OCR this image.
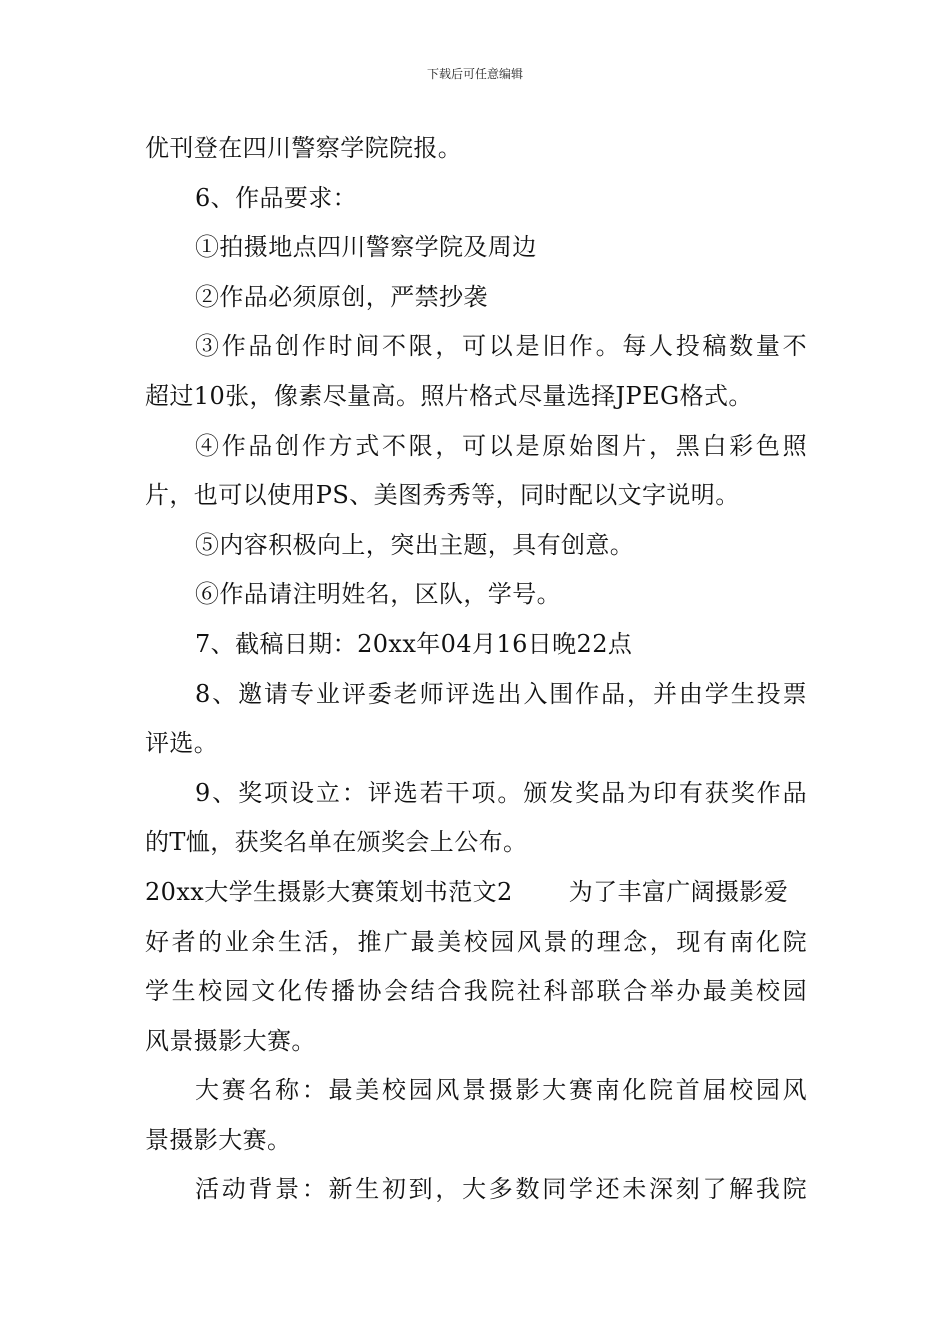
下载后可任意编辑
优刊登在四川警察学院院报。
6、作品要求：
①拍摄地点四川警察学院及周边
②作品必须原创，严禁抄袭
③作品创作时间不限，可以是旧作。每人投稿数量不
超过10张，像素尽量高。照片格式尽量选择JPEG格式。
④作品创作方式不限，可以是原始图片，黑白彩色照
片，也可以使用PS、美图秀秀等，同时配以文字说明。
⑤内容积极向上，突出主题，具有创意。
⑥作品请注明姓名，区队，学号。
7、截稿日期：20xx年04月16日晚22点
8、邀请专业评委老师评选出入围作品，并由学生投票
评选。
9、奖项设立：评选若干项。颁发奖品为印有获奖作品
的T恤，获奖名单在颁奖会上公布。
20xx大学生摄影大赛策划书范文2 为了丰富广阔摄影爱
好者的业余生活，推广最美校园风景的理念，现有南化院
学生校园文化传播协会结合我院社科部联合举办最美校园
风景摄影大赛。
大赛名称：最美校园风景摄影大赛南化院首届校园风
景摄影大赛。
活动背景：新生初到，大多数同学还未深刻了解我院
